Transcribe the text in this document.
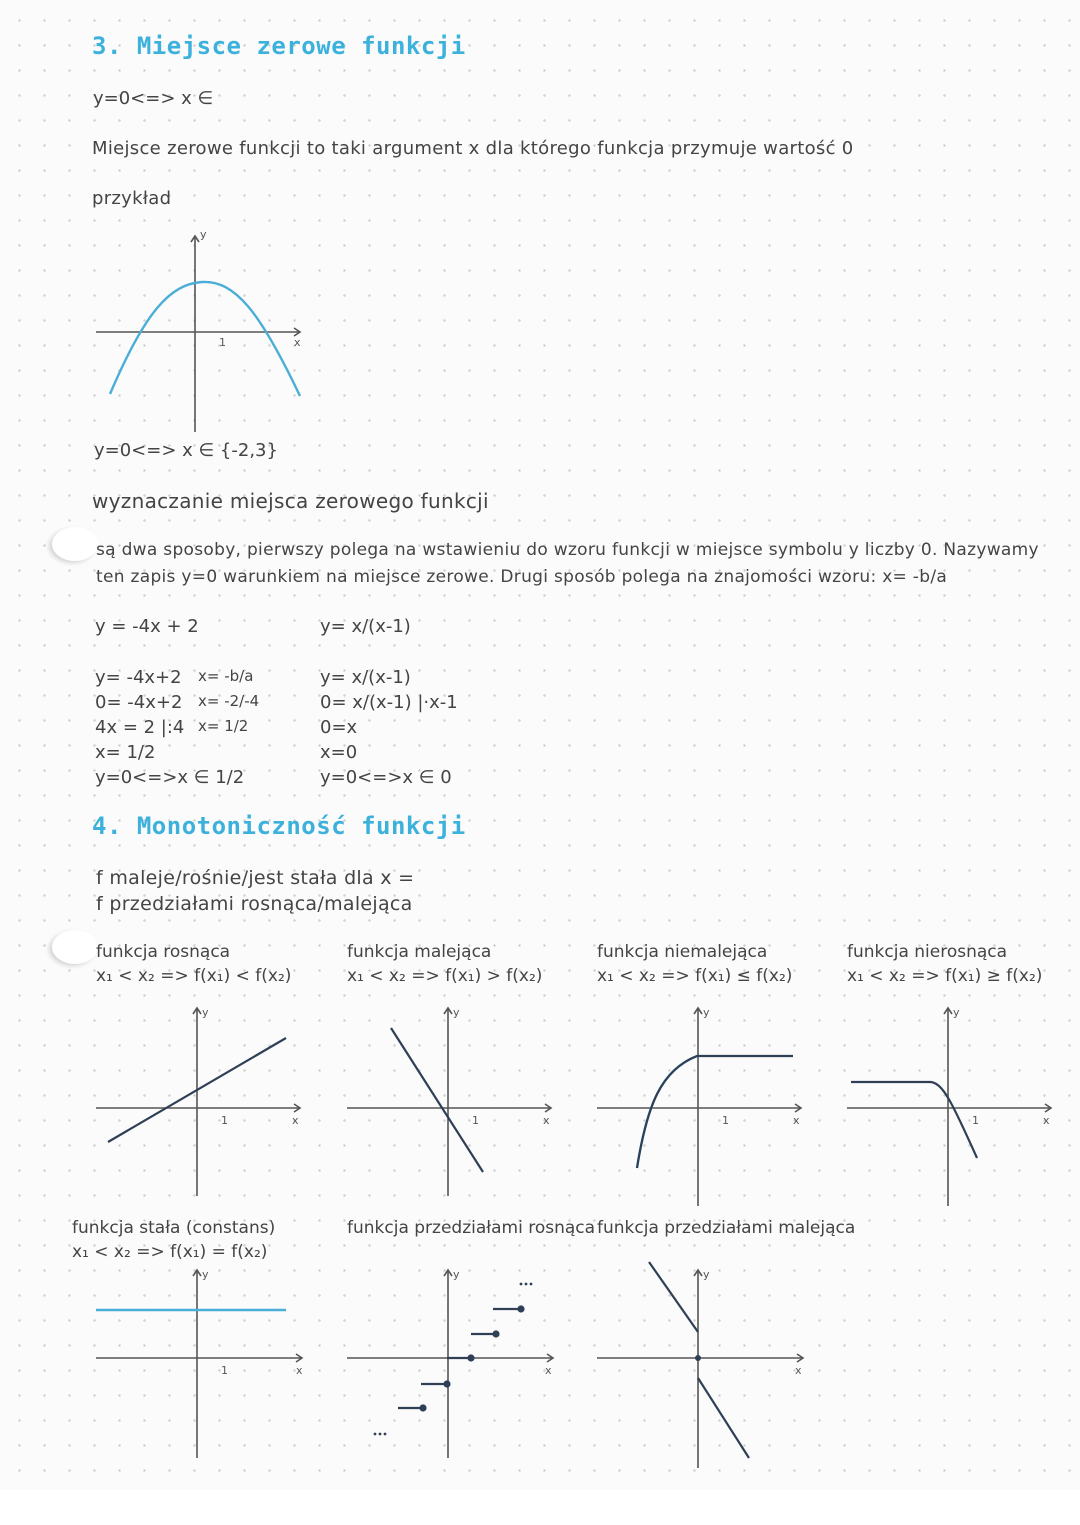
3. Miejsce zerowe funkcji
y=0<=> x ∈
Miejsce zerowe funkcji to taki argument x dla którego funkcja przymuje wartość 0
przykład
y
x
1
y=0<=> x ∈ {-2,3}
wyznaczanie miejsca zerowego funkcji
są dwa sposoby, pierwszy polega na wstawieniu do wzoru funkcji w miejsce symbolu y liczby 0. Nazywamy
ten zapis y=0 warunkiem na miejsce zerowe. Drugi sposób polega na znajomości wzoru: x= -b/a
y = -4x + 2	y= x/(x-1)
y= -4x+2
0= -4x+2
4x = 2 |:4
x= 1/2
y=0<=>x ∈ 1/2
x= -b/a
x= -2/-4
x= 1/2
y= x/(x-1)
0= x/(x-1) |·x-1
0=x
x=0
y=0<=>x ∈ 0
4. Monotoniczność funkcji
f maleje/rośnie/jest stała dla x =
f przedziałami rosnąca/malejąca
funkcja rosnąca
x₁ < x₂ => f(x₁) < f(x₂)
funkcja malejąca
x₁ < x₂ => f(x₁) > f(x₂)
funkcja niemalejąca
x₁ < x₂ => f(x₁) ≤ f(x₂)
funkcja nierosnąca
x₁ < x₂ => f(x₁) ≥ f(x₂)
y
x
1
y
x
1
y
x
1
y
x
1
funkcja stała (constans)
x₁ < x₂ => f(x₁) = f(x₂)
funkcja przedziałami rosnąca funkcja przedziałami malejąca
y
x
1
y
x
y
x
